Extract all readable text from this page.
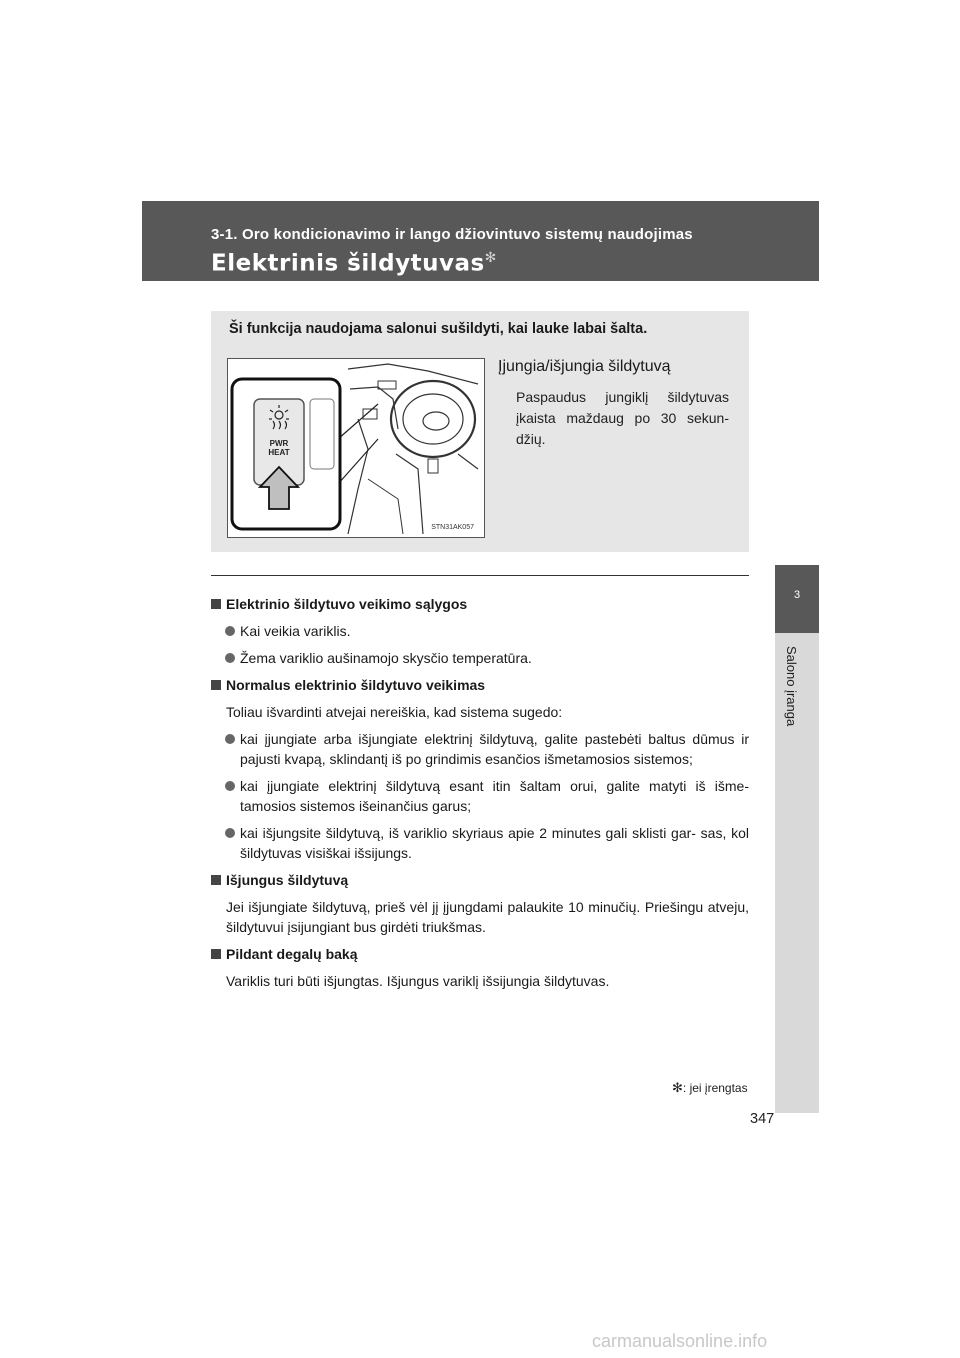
3-1. Oro kondicionavimo ir lango džiovintuvo sistemų naudojimas
Elektrinis šildytuvas✻
3
Salono įranga
Ši funkcija naudojama salonui sušildyti, kai lauke labai šalta.
PWR
HEAT
STN31AK057
Įjungia/išjungia šildytuvą
Paspaudus jungiklį šildytuvas įkaista maždaug po 30 sekun- džių.
Elektrinio šildytuvo veikimo sąlygos
Kai veikia variklis.
Žema variklio aušinamojo skysčio temperatūra.
Normalus elektrinio šildytuvo veikimas
Toliau išvardinti atvejai nereiškia, kad sistema sugedo:
kai įjungiate arba išjungiate elektrinį šildytuvą, galite pastebėti baltus dūmus ir pajusti kvapą, sklindantį iš po grindimis esančios išmetamosios sistemos;
kai įjungiate elektrinį šildytuvą esant itin šaltam orui, galite matyti iš išme- tamosios sistemos išeinančius garus;
kai išjungsite šildytuvą, iš variklio skyriaus apie 2 minutes gali sklisti gar- sas, kol šildytuvas visiškai išsijungs.
Išjungus šildytuvą
Jei išjungiate šildytuvą, prieš vėl jį įjungdami palaukite 10 minučių. Priešingu atveju, šildytuvui įsijungiant bus girdėti triukšmas.
Pildant degalų baką
Variklis turi būti išjungtas. Išjungus variklį išsijungia šildytuvas.
✻: jei įrengtas
347
carmanualsonline.info
